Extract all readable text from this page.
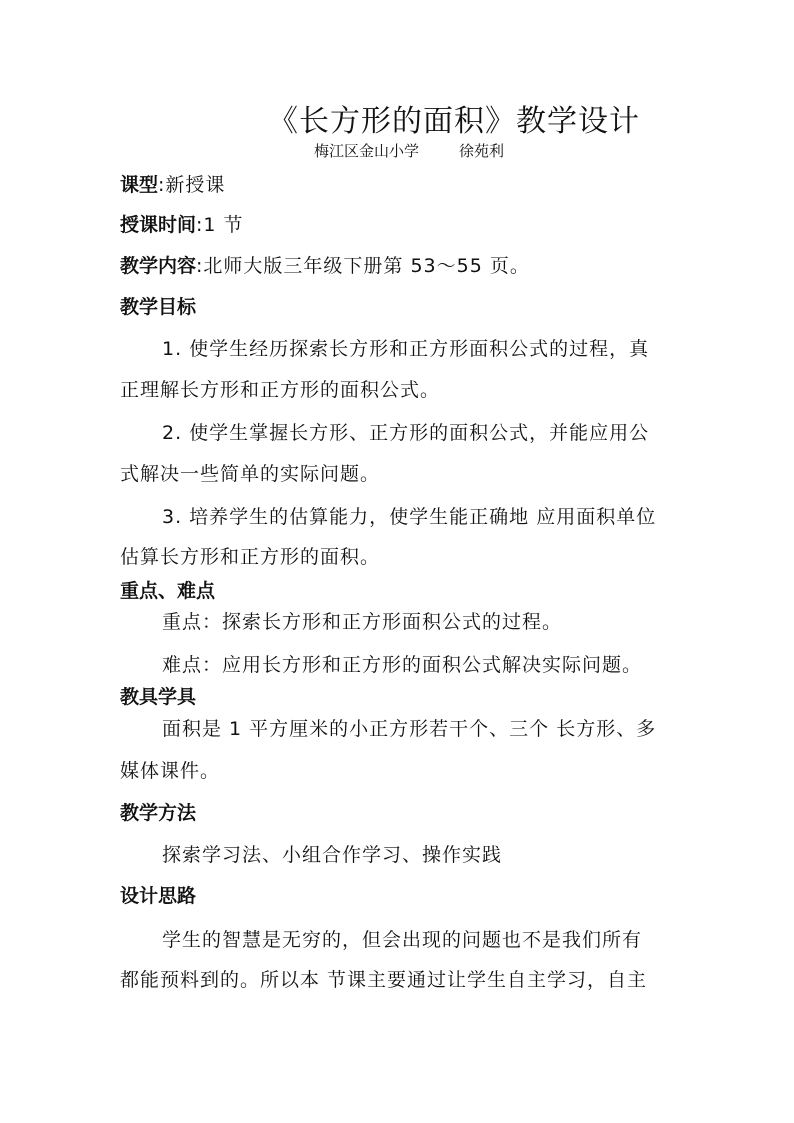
《长方形的面积》教学设计
梅江区金山小学	徐苑利
课型:新授课
授课时间:1 节
教学内容:北师大版三年级下册第 53～55 页。
教学目标
1. 使学生经历探索长方形和正方形面积公式的过程，真
正理解长方形和正方形的面积公式。
2. 使学生掌握长方形、正方形的面积公式，并能应用公
式解决一些简单的实际问题。
3. 培养学生的估算能力，使学生能正确地 应用面积单位
估算长方形和正方形的面积。
重点、难点
重点：探索长方形和正方形面积公式的过程。
难点：应用长方形和正方形的面积公式解决实际问题。
教具学具
面积是 1 平方厘米的小正方形若干个、三个 长方形、多
媒体课件。
教学方法
探索学习法、小组合作学习、操作实践
设计思路
学生的智慧是无穷的，但会出现的问题也不是我们所有
都能预料到的。所以本 节课主要通过让学生自主学习，自主
